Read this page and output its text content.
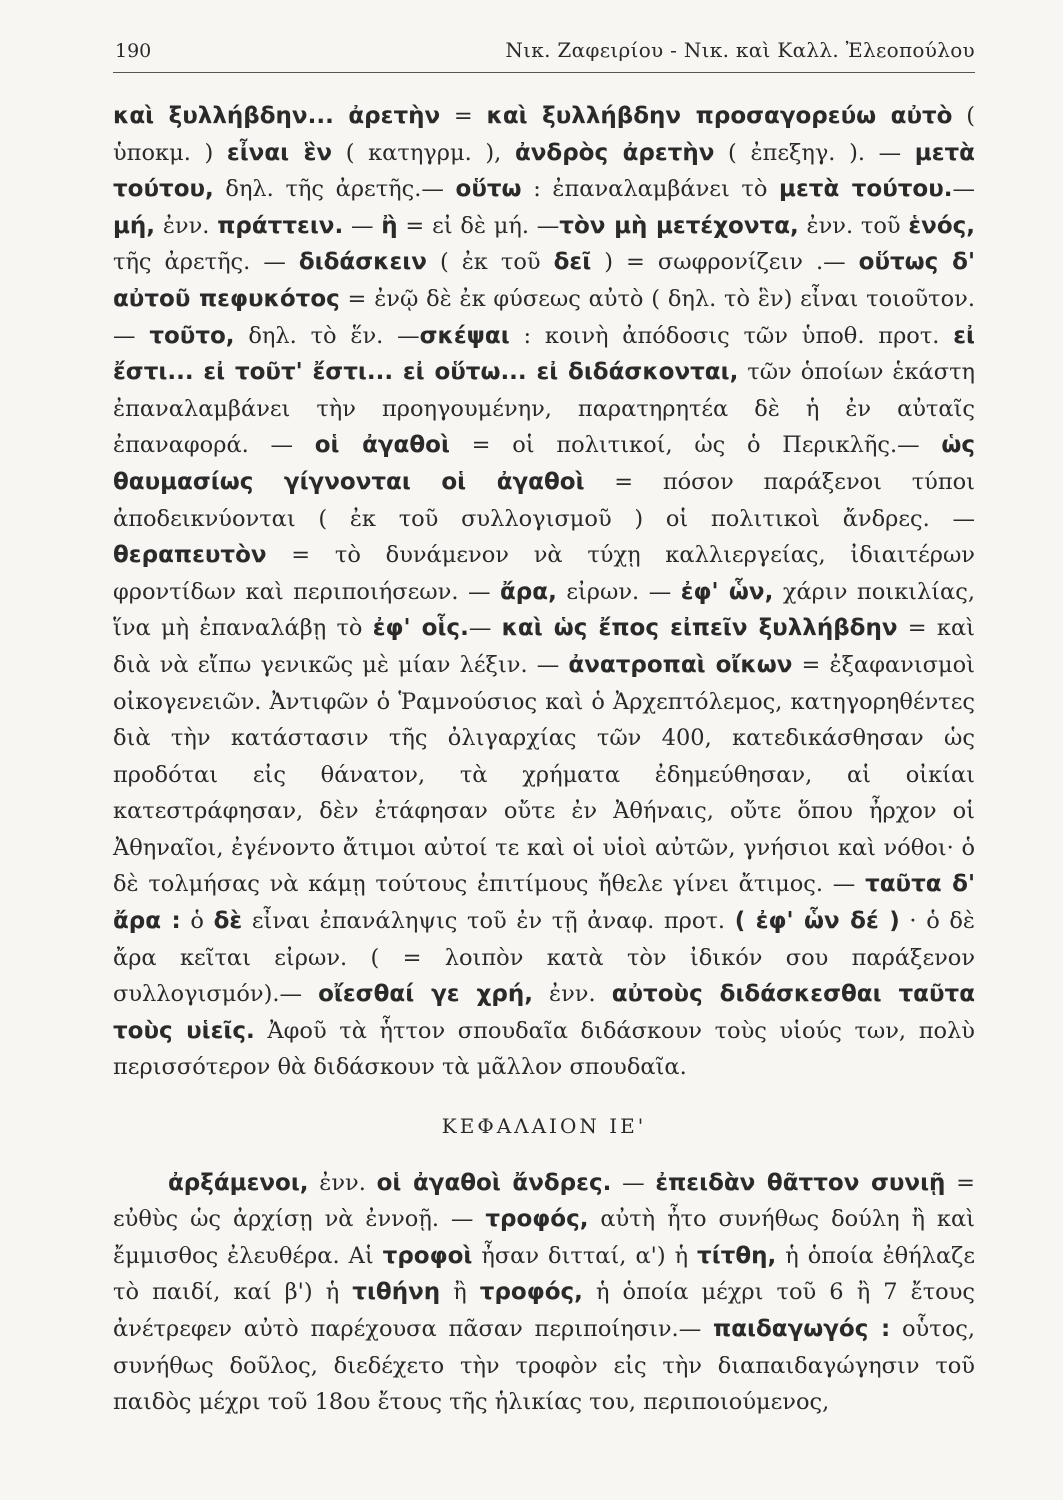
190	Νικ. Ζαφειρίου - Νικ. καὶ Καλλ. Ἐλεοπούλου

καὶ ξυλλήβδην... ἀρετὴν = καὶ ξυλλήβδην προσαγορεύω αὐτὸ ( ὑποκμ. ) εἶναι ἓν ( κατηγρμ. ), ἀνδρὸς ἀρετὴν ( ἐπεξηγ. ). — μετὰ τούτου, δηλ. τῆς ἀρετῆς.— οὕτω : ἐπαναλαμβάνει τὸ μετὰ τούτου.— μή, ἐνν. πράττειν. — ἢ = εἰ δὲ μή. —τὸν μὴ μετέχοντα, ἐνν. τοῦ ἑνός, τῆς ἀρετῆς. — διδάσκειν ( ἐκ τοῦ δεῖ ) = σωφρονίζειν .— οὕτως δ' αὐτοῦ πεφυκότος = ἐνῷ δὲ ἐκ φύσεως αὐτὸ ( δηλ. τὸ ἓν) εἶναι τοιοῦτον. — τοῦτο, δηλ. τὸ ἕν. —σκέψαι : κοινὴ ἀπόδοσις τῶν ὑποθ. προτ. εἰ ἔστι... εἰ τοῦτ' ἔστι... εἰ οὕτω... εἰ διδάσκονται, τῶν ὁποίων ἑκάστη ἐπαναλαμβάνει τὴν προηγουμένην, παρατηρητέα δὲ ἡ ἐν αὐταῖς ἐπαναφορά. — οἱ ἀγαθοὶ = οἱ πολιτικοί, ὡς ὁ Περικλῆς.— ὡς θαυμασίως γίγνονται οἱ ἀγαθοὶ = πόσον παράξενοι τύποι ἀποδεικνύονται ( ἐκ τοῦ συλλογισμοῦ ) οἱ πολιτικοὶ ἄνδρες. — θεραπευτὸν = τὸ δυνάμενον νὰ τύχῃ καλλιεργείας, ἰδιαιτέρων φροντίδων καὶ περιποιήσεων. — ἄρα, εἰρων. — ἐφ' ὧν, χάριν ποικιλίας, ἵνα μὴ ἐπαναλάβῃ τὸ ἐφ' οἷς.— καὶ ὡς ἔπος εἰπεῖν ξυλλήβδην = καὶ διὰ νὰ εἴπω γενικῶς μὲ μίαν λέξιν. — ἀνατροπαὶ οἴκων = ἐξαφανισμοὶ οἰκογενειῶν. Ἀντιφῶν ὁ Ῥαμνούσιος καὶ ὁ Ἀρχεπτόλεμος, κατηγορηθέντες διὰ τὴν κατάστασιν τῆς ὀλιγαρχίας τῶν 400, κατεδικάσθησαν ὡς προδόται εἰς θάνατον, τὰ χρήματα ἐδημεύθησαν, αἱ οἰκίαι κατεστράφησαν, δὲν ἐτάφησαν οὔτε ἐν Ἀθήναις, οὔτε ὅπου ἦρχον οἱ Ἀθηναῖοι, ἐγένοντο ἄτιμοι αὐτοί τε καὶ οἱ υἱοὶ αὐτῶν, γνήσιοι καὶ νόθοι· ὁ δὲ τολμήσας νὰ κάμῃ τούτους ἐπιτίμους ἤθελε γίνει ἄτιμος. — ταῦτα δ' ἄρα : ὁ δὲ εἶναι ἐπανάληψις τοῦ ἐν τῇ ἀναφ. προτ. ( ἐφ' ὧν δέ ) · ὁ δὲ ἄρα κεῖται εἰρων. ( = λοιπὸν κατὰ τὸν ἰδικόν σου παράξενον συλλογισμόν).— οἴεσθαί γε χρή, ἐνν. αὐτοὺς διδάσκεσθαι ταῦτα τοὺς υἱεῖς. Ἀφοῦ τὰ ἧττον σπουδαῖα διδάσκουν τοὺς υἱούς των, πολὺ περισσότερον θὰ διδάσκουν τὰ μᾶλλον σπουδαῖα.

ΚΕΦΑΛΑΙΟΝ ΙΕ'

ἀρξάμενοι, ἐνν. οἱ ἀγαθοὶ ἄνδρες. — ἐπειδὰν θᾶττον συνιῇ = εὐθὺς ὡς ἀρχίσῃ νὰ ἐννοῇ. — τροφός, αὐτὴ ἦτο συνήθως δούλη ἢ καὶ ἔμμισθος ἐλευθέρα. Αἱ τροφοὶ ἦσαν διτταί, α') ἡ τίτθη, ἡ ὁποία ἐθήλαζε τὸ παιδί, καί β') ἡ τιθήνη ἢ τροφός, ἡ ὁποία μέχρι τοῦ 6 ἢ 7 ἔτους ἀνέτρεφεν αὐτὸ παρέχουσα πᾶσαν περιποίησιν.— παιδαγωγός : οὗτος, συνήθως δοῦλος, διεδέχετο τὴν τροφὸν εἰς τὴν διαπαιδαγώγησιν τοῦ παιδὸς μέχρι τοῦ 18ου ἔτους τῆς ἡλικίας του, περιποιούμενος,
